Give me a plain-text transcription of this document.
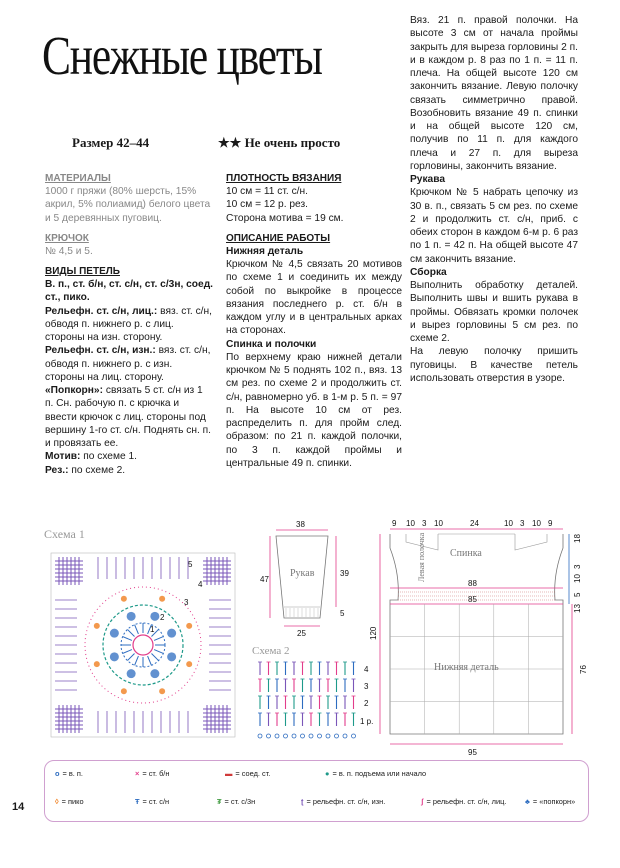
Снежные цветы
Размер 42–44	★★ Не очень просто
МАТЕРИАЛЫ

1000 г пряжи (80% шерсть, 15% акрил, 5% полиамид) белого цвета и 5 деревянных пуговиц.

КРЮЧОК

№ 4,5 и 5.

ВИДЫ ПЕТЕЛЬ

В. п., ст. б/н, ст. с/н, ст. с/3н, соед. ст., пико.

Рельефн. ст. с/н, лиц.: вяз. ст. с/н, обводя п. нижнего р. с лиц. стороны на изн. сторону.

Рельефн. ст. с/н, изн.: вяз. ст. с/н, обводя п. нижнего р. с изн. стороны на лиц. сторону.

«Попкорн»: связать 5 ст. с/н из 1 п. Сн. рабочую п. с крючка и ввести крючок с лиц. стороны под вершину 1-го ст. с/н. Поднять сн. п. и провязать ее.

Мотив: по схеме 1.

Рез.: по схеме 2.

ПЛОТНОСТЬ ВЯЗАНИЯ

10 см = 11 ст. с/н.

10 см = 12 р. рез.

Сторона мотива = 19 см.

ОПИСАНИЕ РАБОТЫ
Нижняя деталь

Крючком № 4,5 связать 20 мотивов по схеме 1 и соединить их между собой по выкройке в процессе вязания последнего р. ст. б/н в каждом углу и в центральных арках на сторонах.

Спинка и полочки

По верхнему краю нижней детали крючком № 5 поднять 102 п., вяз. 13 см рез. по схеме 2 и продолжить ст. с/н, равномерно уб. в 1-м р. 5 п. = 97 п. На высоте 10 см от рез. распределить п. для пройм след. образом: по 21 п. каждой полочки, по 3 п. каждой проймы и центральные 49 п. спинки.

Вяз. 21 п. правой полочки. На высоте 3 см от начала проймы закрыть для выреза горловины 2 п. и в каждом р. 8 раз по 1 п. = 11 п. плеча. На общей высоте 120 см закончить вязание. Левую полочку связать симметрично правой. Возобновить вязание 49 п. спинки и на общей высоте 120 см, получив по 11 п. для каждого плеча и 27 п. для выреза горловины, закончить вязание.

Рукава

Крючком № 5 набрать цепочку из 30 в. п., связать 5 см рез. по схеме 2 и продолжить ст. с/н, приб. с обеих сторон в каждом 6-м р. 6 раз по 1 п. = 42 п. На общей высоте 47 см закончить вязание.

Сборка

Выполнить обработку деталей. Выполнить швы и вшить рукава в проймы. Обвязать кромки полочек и вырез горловины 5 см рез. по схеме 2.

На левую полочку пришить пуговицы. В качестве петель использовать отверстия в узоре.

Схема 1
5
4
3
2
1
38
Рукав
47
39
5
25
Схема 2
4
3
2
1 р.
9 10 3 10	24	10 3 10 9
88
85
Спинка
Левая полочка
Нижняя деталь
120
76
95
18
3
10
5
13
о = в. п.	× = ст. б/н	▬ = соед. ст.	● = в. п. подъема или начало
◊ = пико	Ŧ = ст. с/н	₮ = ст. с/3н	ʈ = рельефн. ст. с/н, изн.	ʃ = рельефн. ст. с/н, лиц.	♣ = «попкорн»
14
